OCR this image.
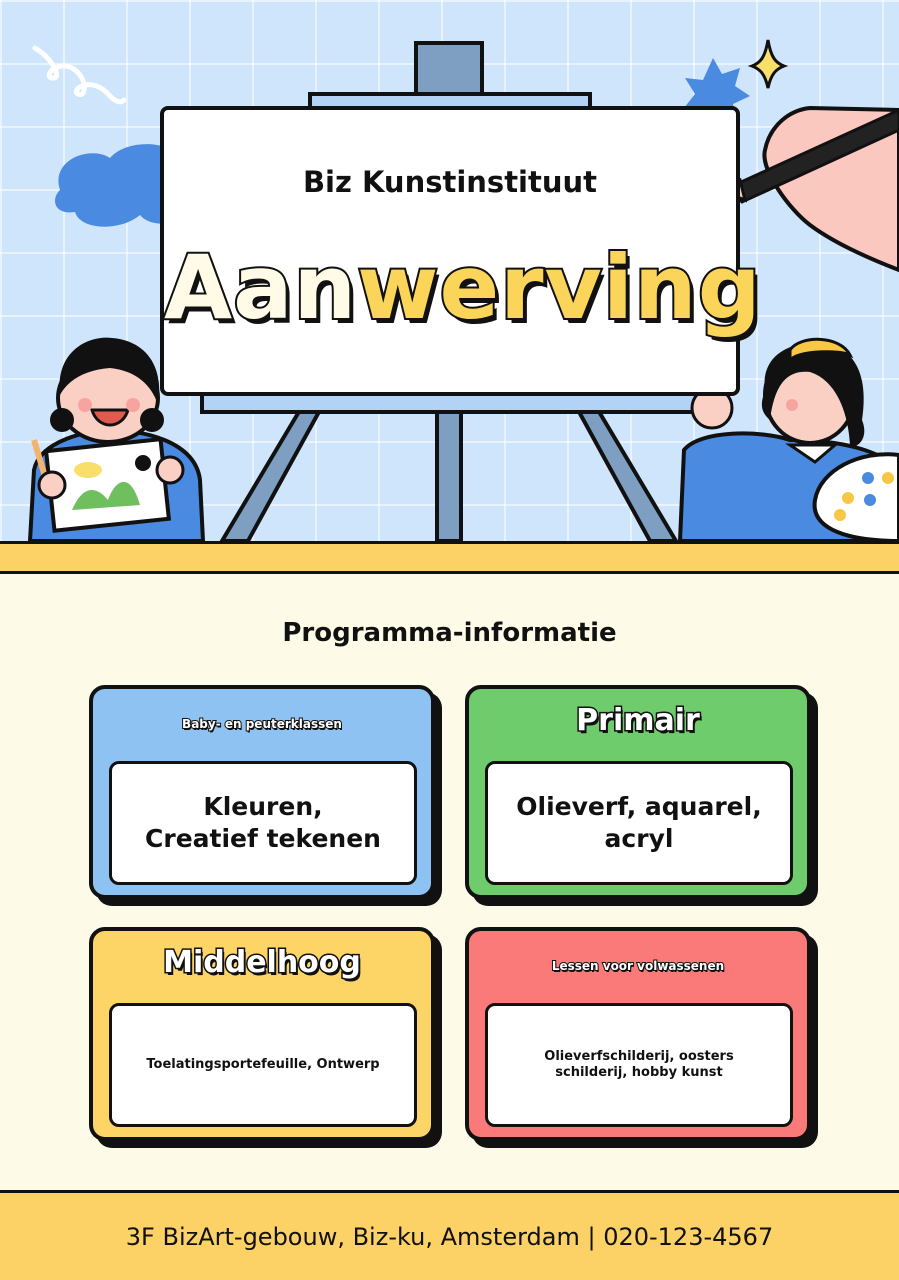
Biz Kunstinstituut
Aanwerving
Programma-informatie
Baby- en peuterklassen
Kleuren,
Creatief tekenen
Primair
Olieverf, aquarel, acryl
Middelhoog
Toelatingsportefeuille, Ontwerp
Lessen voor volwassenen
Olieverfschilderij, oosters schilderij, hobby kunst
3F BizArt-gebouw, Biz-ku, Amsterdam | 020-123-4567
